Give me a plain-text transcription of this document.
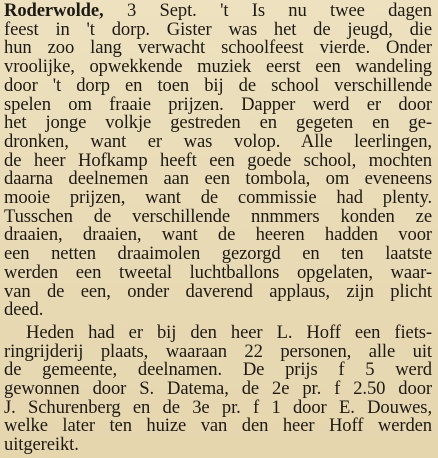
Roderwolde, 3 Sept. 't Is nu twee dagen
feest in 't dorp. Gister was het de jeugd, die
hun zoo lang verwacht schoolfeest vierde. Onder
vroolijke, opwekkende muziek eerst een wandeling
door 't dorp en toen bij de school verschillende
spelen om fraaie prijzen. Dapper werd er door
het jonge volkje gestreden en gegeten en ge-
dronken, want er was volop. Alle leerlingen,
de heer Hofkamp heeft een goede school, mochten
daarna deelnemen aan een tombola, om eveneens
mooie prijzen, want de commissie had plenty.
Tusschen de verschillende nnmmers konden ze
draaien, draaien, want de heeren hadden voor
een netten draaimolen gezorgd en ten laatste
werden een tweetal luchtballons opgelaten, waar-
van de een, onder daverend applaus, zijn plicht
deed.
Heden had er bij den heer L. Hoff een fiets-
ringrijderij plaats, waaraan 22 personen, alle uit
de gemeente, deelnamen. De prijs f 5 werd
gewonnen door S. Datema, de 2e pr. f 2.50 door
J. Schurenberg en de 3e pr. f 1 door E. Douwes,
welke later ten huize van den heer Hoff werden
uitgereikt.
